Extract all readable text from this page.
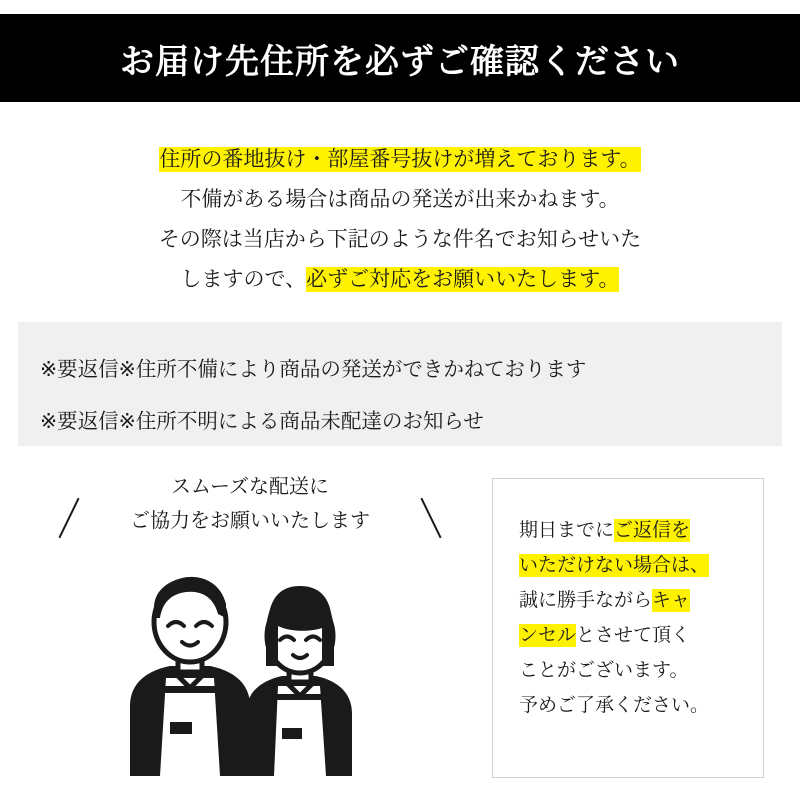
お届け先住所を必ずご確認ください
住所の番地抜け・部屋番号抜けが増えております。
不備がある場合は商品の発送が出来かねます。
その際は当店から下記のような件名でお知らせいた
しますので、必ずご対応をお願いいたします。
※要返信※住所不備により商品の発送ができかねております
※要返信※住所不明による商品未配達のお知らせ
スムーズな配送に
ご協力をお願いいたします	期日までにご返信を
いただけない場合は、
誠に勝手ながらキャ
ンセルとさせて頂く
ことがございます。
予めご了承ください。
